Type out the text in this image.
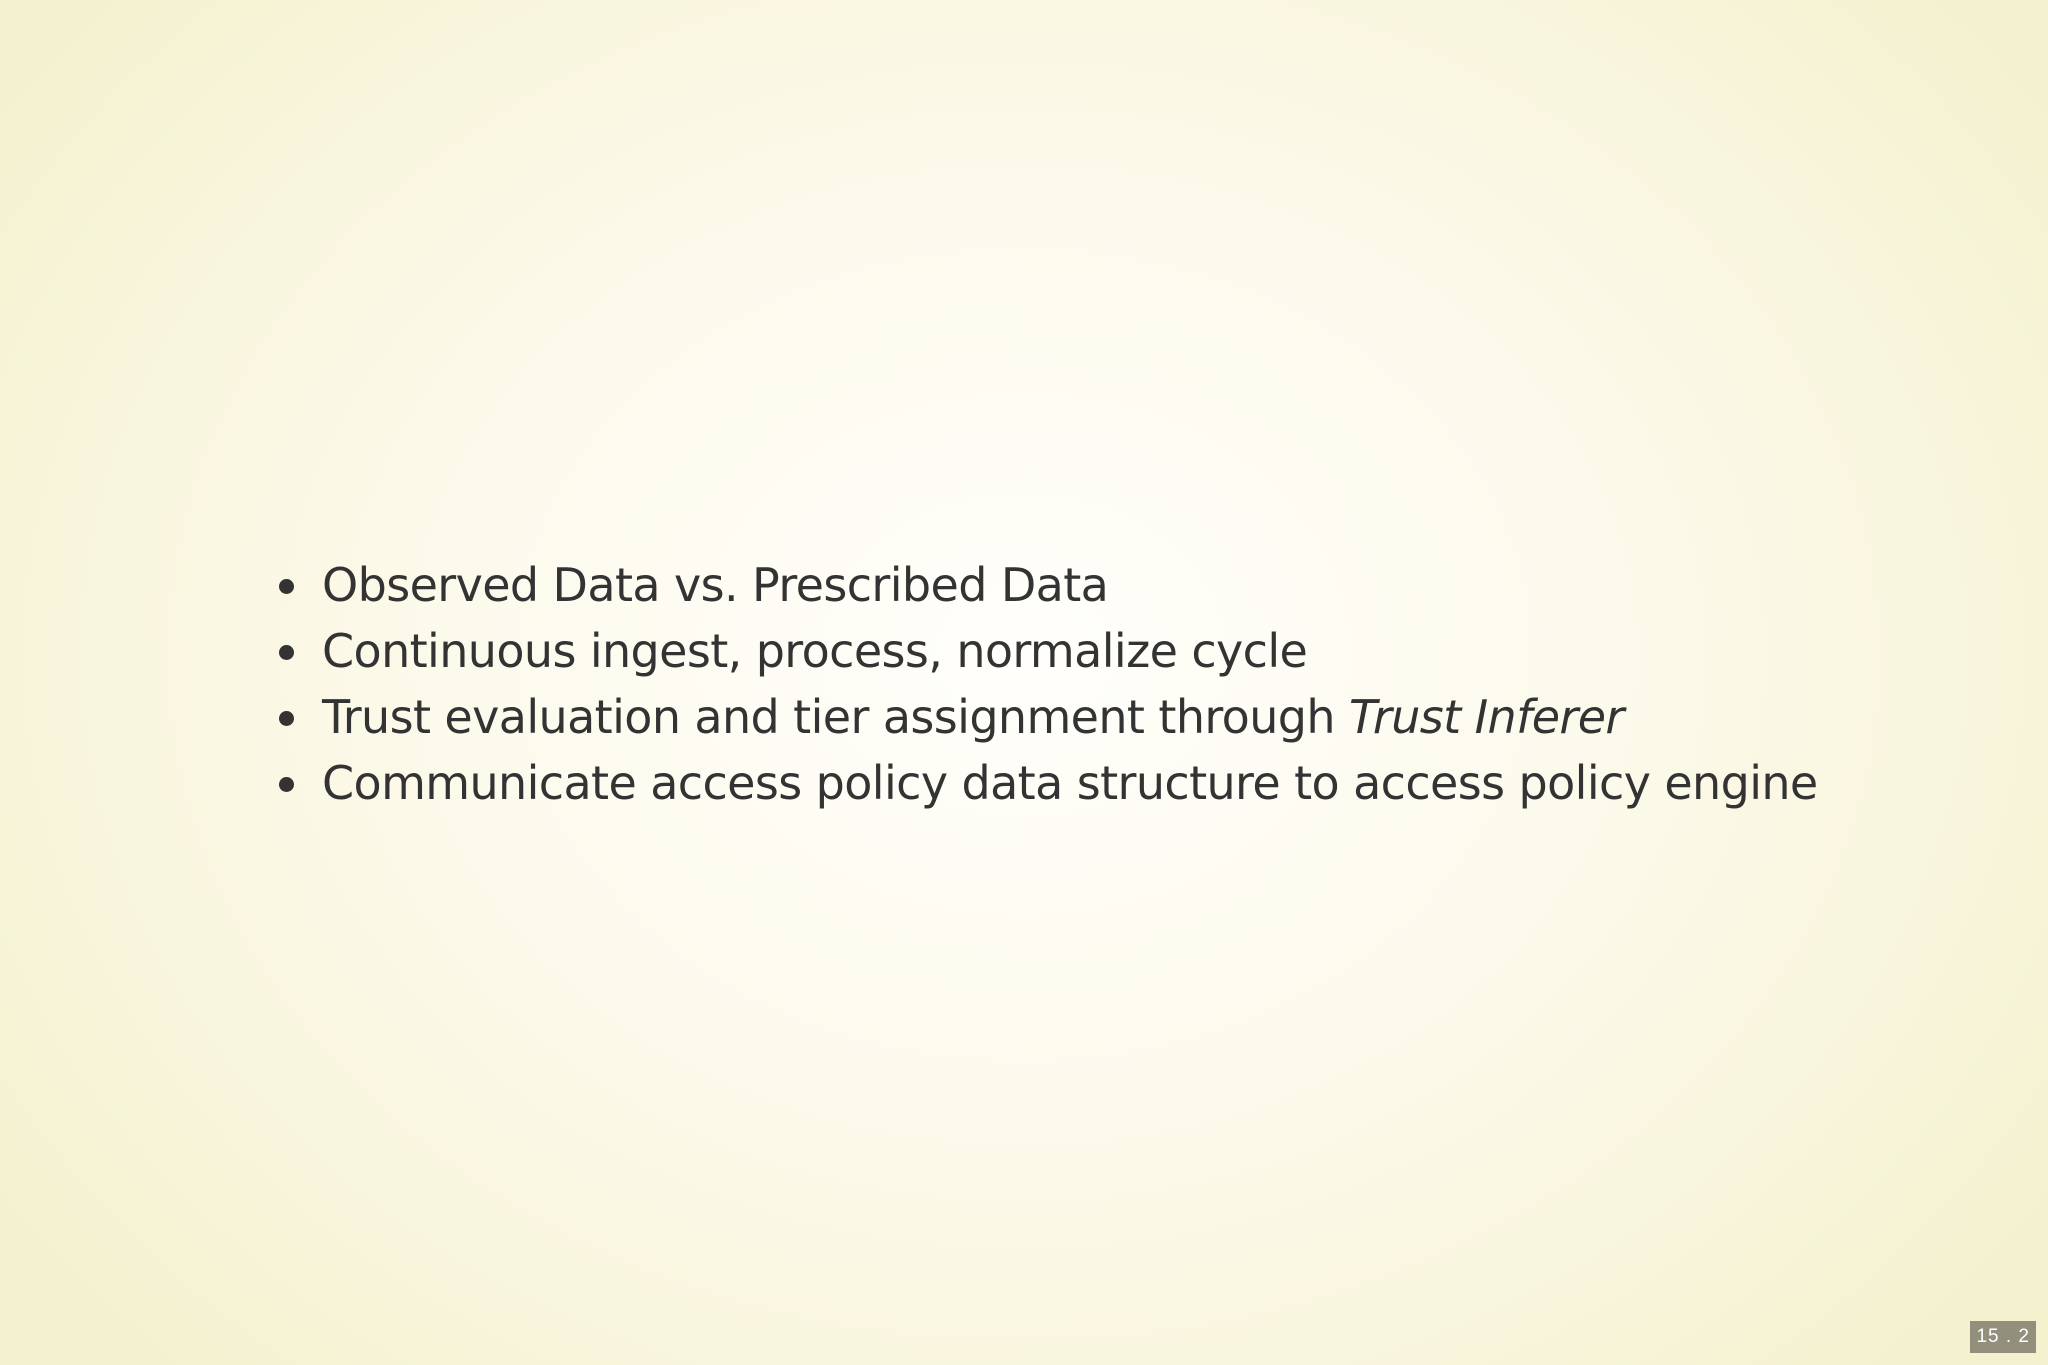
Observed Data vs. Prescribed Data
Continuous ingest, process, normalize cycle
Trust evaluation and tier assignment through Trust Inferer
Communicate access policy data structure to access policy engine
15 . 2
